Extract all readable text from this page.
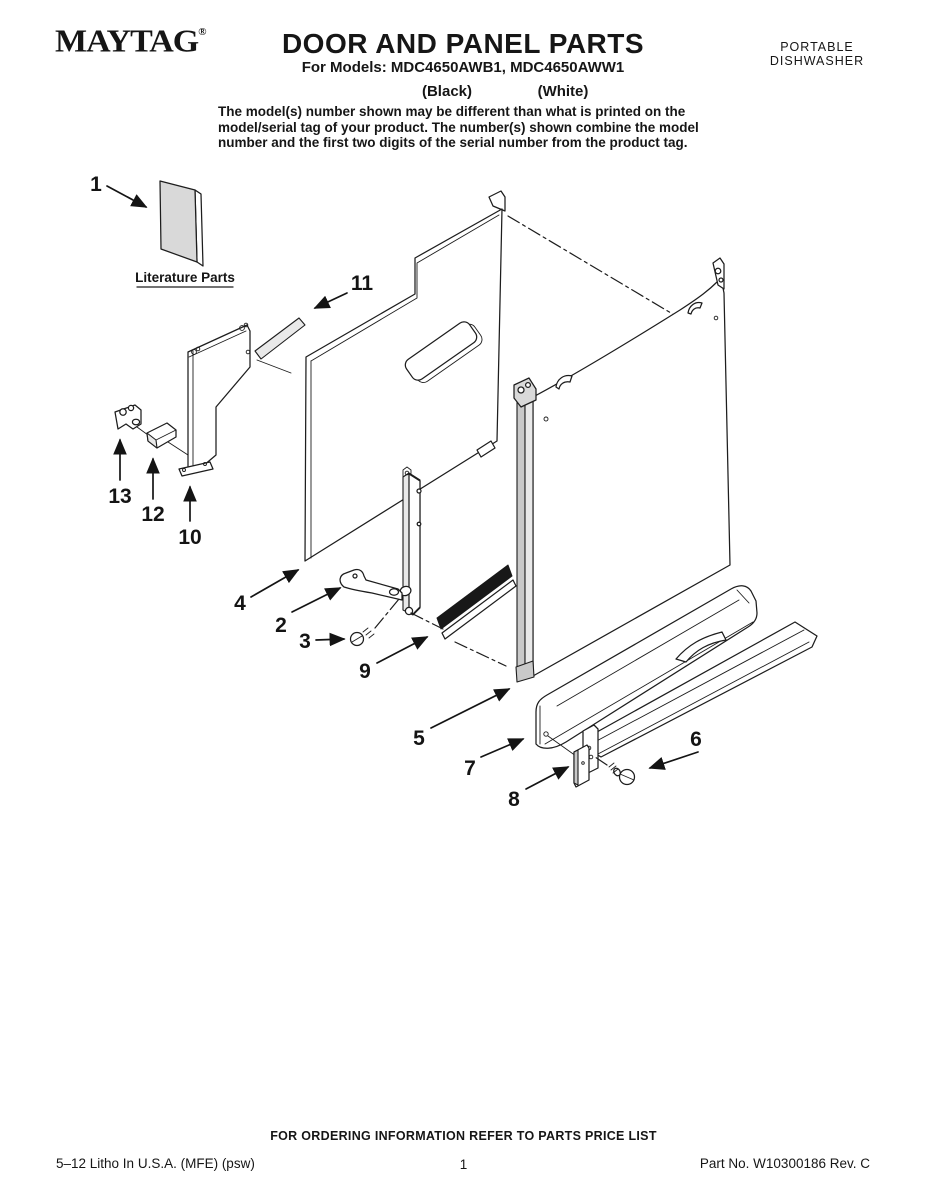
MAYTAG®	DOOR AND PANEL PARTS
For Models: MDC4650AWB1, MDC4650AWW1
(Black)	(White)
PORTABLE
DISHWASHER
The model(s) number shown may be different than what is printed on the
model/serial tag of your product. The number(s) shown combine the model
number and the first two digits of the serial number from the product tag.
Literature Parts
1
11
13
12
10
4
2
3
9
5
7
8
6
FOR ORDERING INFORMATION REFER TO PARTS PRICE LIST
5–12 Litho In U.S.A. (MFE) (psw)	1	Part No. W10300186 Rev. C
